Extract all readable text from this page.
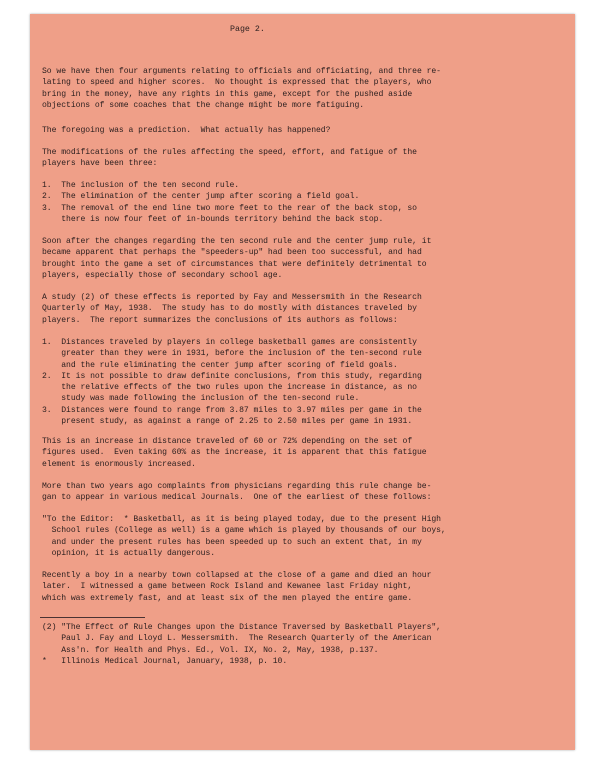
Page 2.
So we have then four arguments relating to officials and officiating, and three re-
lating to speed and higher scores.  No thought is expressed that the players, who
bring in the money, have any rights in this game, except for the pushed aside
objections of some coaches that the change might be more fatiguing.
The foregoing was a prediction.  What actually has happened?
The modifications of the rules affecting the speed, effort, and fatigue of the
players have been three:
1.  The inclusion of the ten second rule.
2.  The elimination of the center jump after scoring a field goal.
3.  The removal of the end line two more feet to the rear of the back stop, so
there is now four feet of in-bounds territory behind the back stop.
Soon after the changes regarding the ten second rule and the center jump rule, it
became apparent that perhaps the "speeders-up" had been too successful, and had
brought into the game a set of circumstances that were definitely detrimental to
players, especially those of secondary school age.
A study (2) of these effects is reported by Fay and Messersmith in the Research
Quarterly of May, 1938.  The study has to do mostly with distances traveled by
players.  The report summarizes the conclusions of its authors as follows:
1.  Distances traveled by players in college basketball games are consistently
greater than they were in 1931, before the inclusion of the ten-second rule
and the rule eliminating the center jump after scoring of field goals.
2.  It is not possible to draw definite conclusions, from this study, regarding
the relative effects of the two rules upon the increase in distance, as no
study was made following the inclusion of the ten-second rule.
3.  Distances were found to range from 3.87 miles to 3.97 miles per game in the
present study, as against a range of 2.25 to 2.50 miles per game in 1931.
This is an increase in distance traveled of 60 or 72% depending on the set of
figures used.  Even taking 60% as the increase, it is apparent that this fatigue
element is enormously increased.
More than two years ago complaints from physicians regarding this rule change be-
gan to appear in various medical Journals.  One of the earliest of these follows:
"To the Editor:  * Basketball, as it is being played today, due to the present High
School rules (College as well) is a game which is played by thousands of our boys,
and under the present rules has been speeded up to such an extent that, in my
opinion, it is actually dangerous.
Recently a boy in a nearby town collapsed at the close of a game and died an hour
later.  I witnessed a game between Rock Island and Kewanee last Friday night,
which was extremely fast, and at least six of the men played the entire game.
(2) "The Effect of Rule Changes upon the Distance Traversed by Basketball Players",
Paul J. Fay and Lloyd L. Messersmith.  The Research Quarterly of the American
Ass'n. for Health and Phys. Ed., Vol. IX, No. 2, May, 1938, p.137.
*   Illinois Medical Journal, January, 1938, p. 10.
